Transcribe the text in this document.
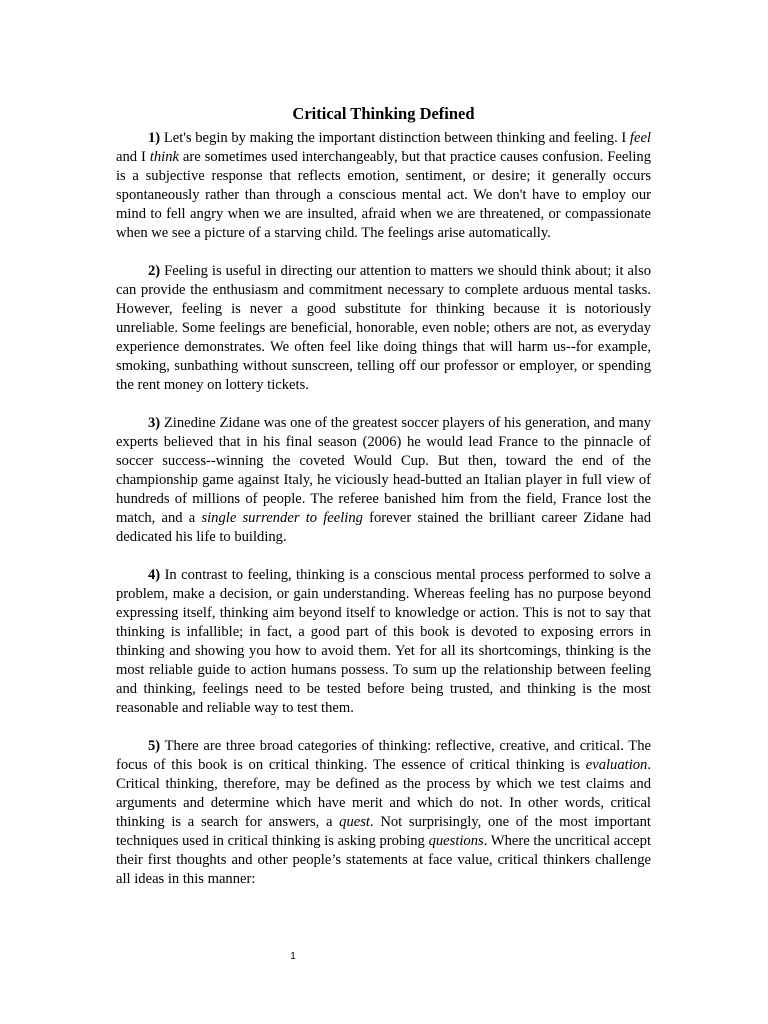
Critical Thinking Defined

1) Let's begin by making the important distinction between thinking and feeling. I feel and I think are sometimes used interchangeably, but that practice causes confusion. Feeling is a subjective response that reflects emotion, sentiment, or desire; it generally occurs spontaneously rather than through a conscious mental act. We don't have to employ our mind to fell angry when we are insulted, afraid when we are threatened, or compassionate when we see a picture of a starving child. The feelings arise automatically.

2) Feeling is useful in directing our attention to matters we should think about; it also can provide the enthusiasm and commitment necessary to complete arduous mental tasks. However, feeling is never a good substitute for thinking because it is notoriously unreliable. Some feelings are beneficial, honorable, even noble; others are not, as everyday experience demonstrates. We often feel like doing things that will harm us--for example, smoking, sunbathing without sunscreen, telling off our professor or employer, or spending the rent money on lottery tickets.

3) Zinedine Zidane was one of the greatest soccer players of his generation, and many experts believed that in his final season (2006) he would lead France to the pinnacle of soccer success--winning the coveted Would Cup. But then, toward the end of the championship game against Italy, he viciously head-butted an Italian player in full view of hundreds of millions of people. The referee banished him from the field, France lost the match, and a single surrender to feeling forever stained the brilliant career Zidane had dedicated his life to building.

4) In contrast to feeling, thinking is a conscious mental process performed to solve a problem, make a decision, or gain understanding. Whereas feeling has no purpose beyond expressing itself, thinking aim beyond itself to knowledge or action. This is not to say that thinking is infallible; in fact, a good part of this book is devoted to exposing errors in thinking and showing you how to avoid them. Yet for all its shortcomings, thinking is the most reliable guide to action humans possess. To sum up the relationship between feeling and thinking, feelings need to be tested before being trusted, and thinking is the most reasonable and reliable way to test them.

5) There are three broad categories of thinking: reflective, creative, and critical. The focus of this book is on critical thinking. The essence of critical thinking is evaluation. Critical thinking, therefore, may be defined as the process by which we test claims and arguments and determine which have merit and which do not. In other words, critical thinking is a search for answers, a quest. Not surprisingly, one of the most important techniques used in critical thinking is asking probing questions. Where the uncritical accept their first thoughts and other people’s statements at face value, critical thinkers challenge all ideas in this manner:

1
